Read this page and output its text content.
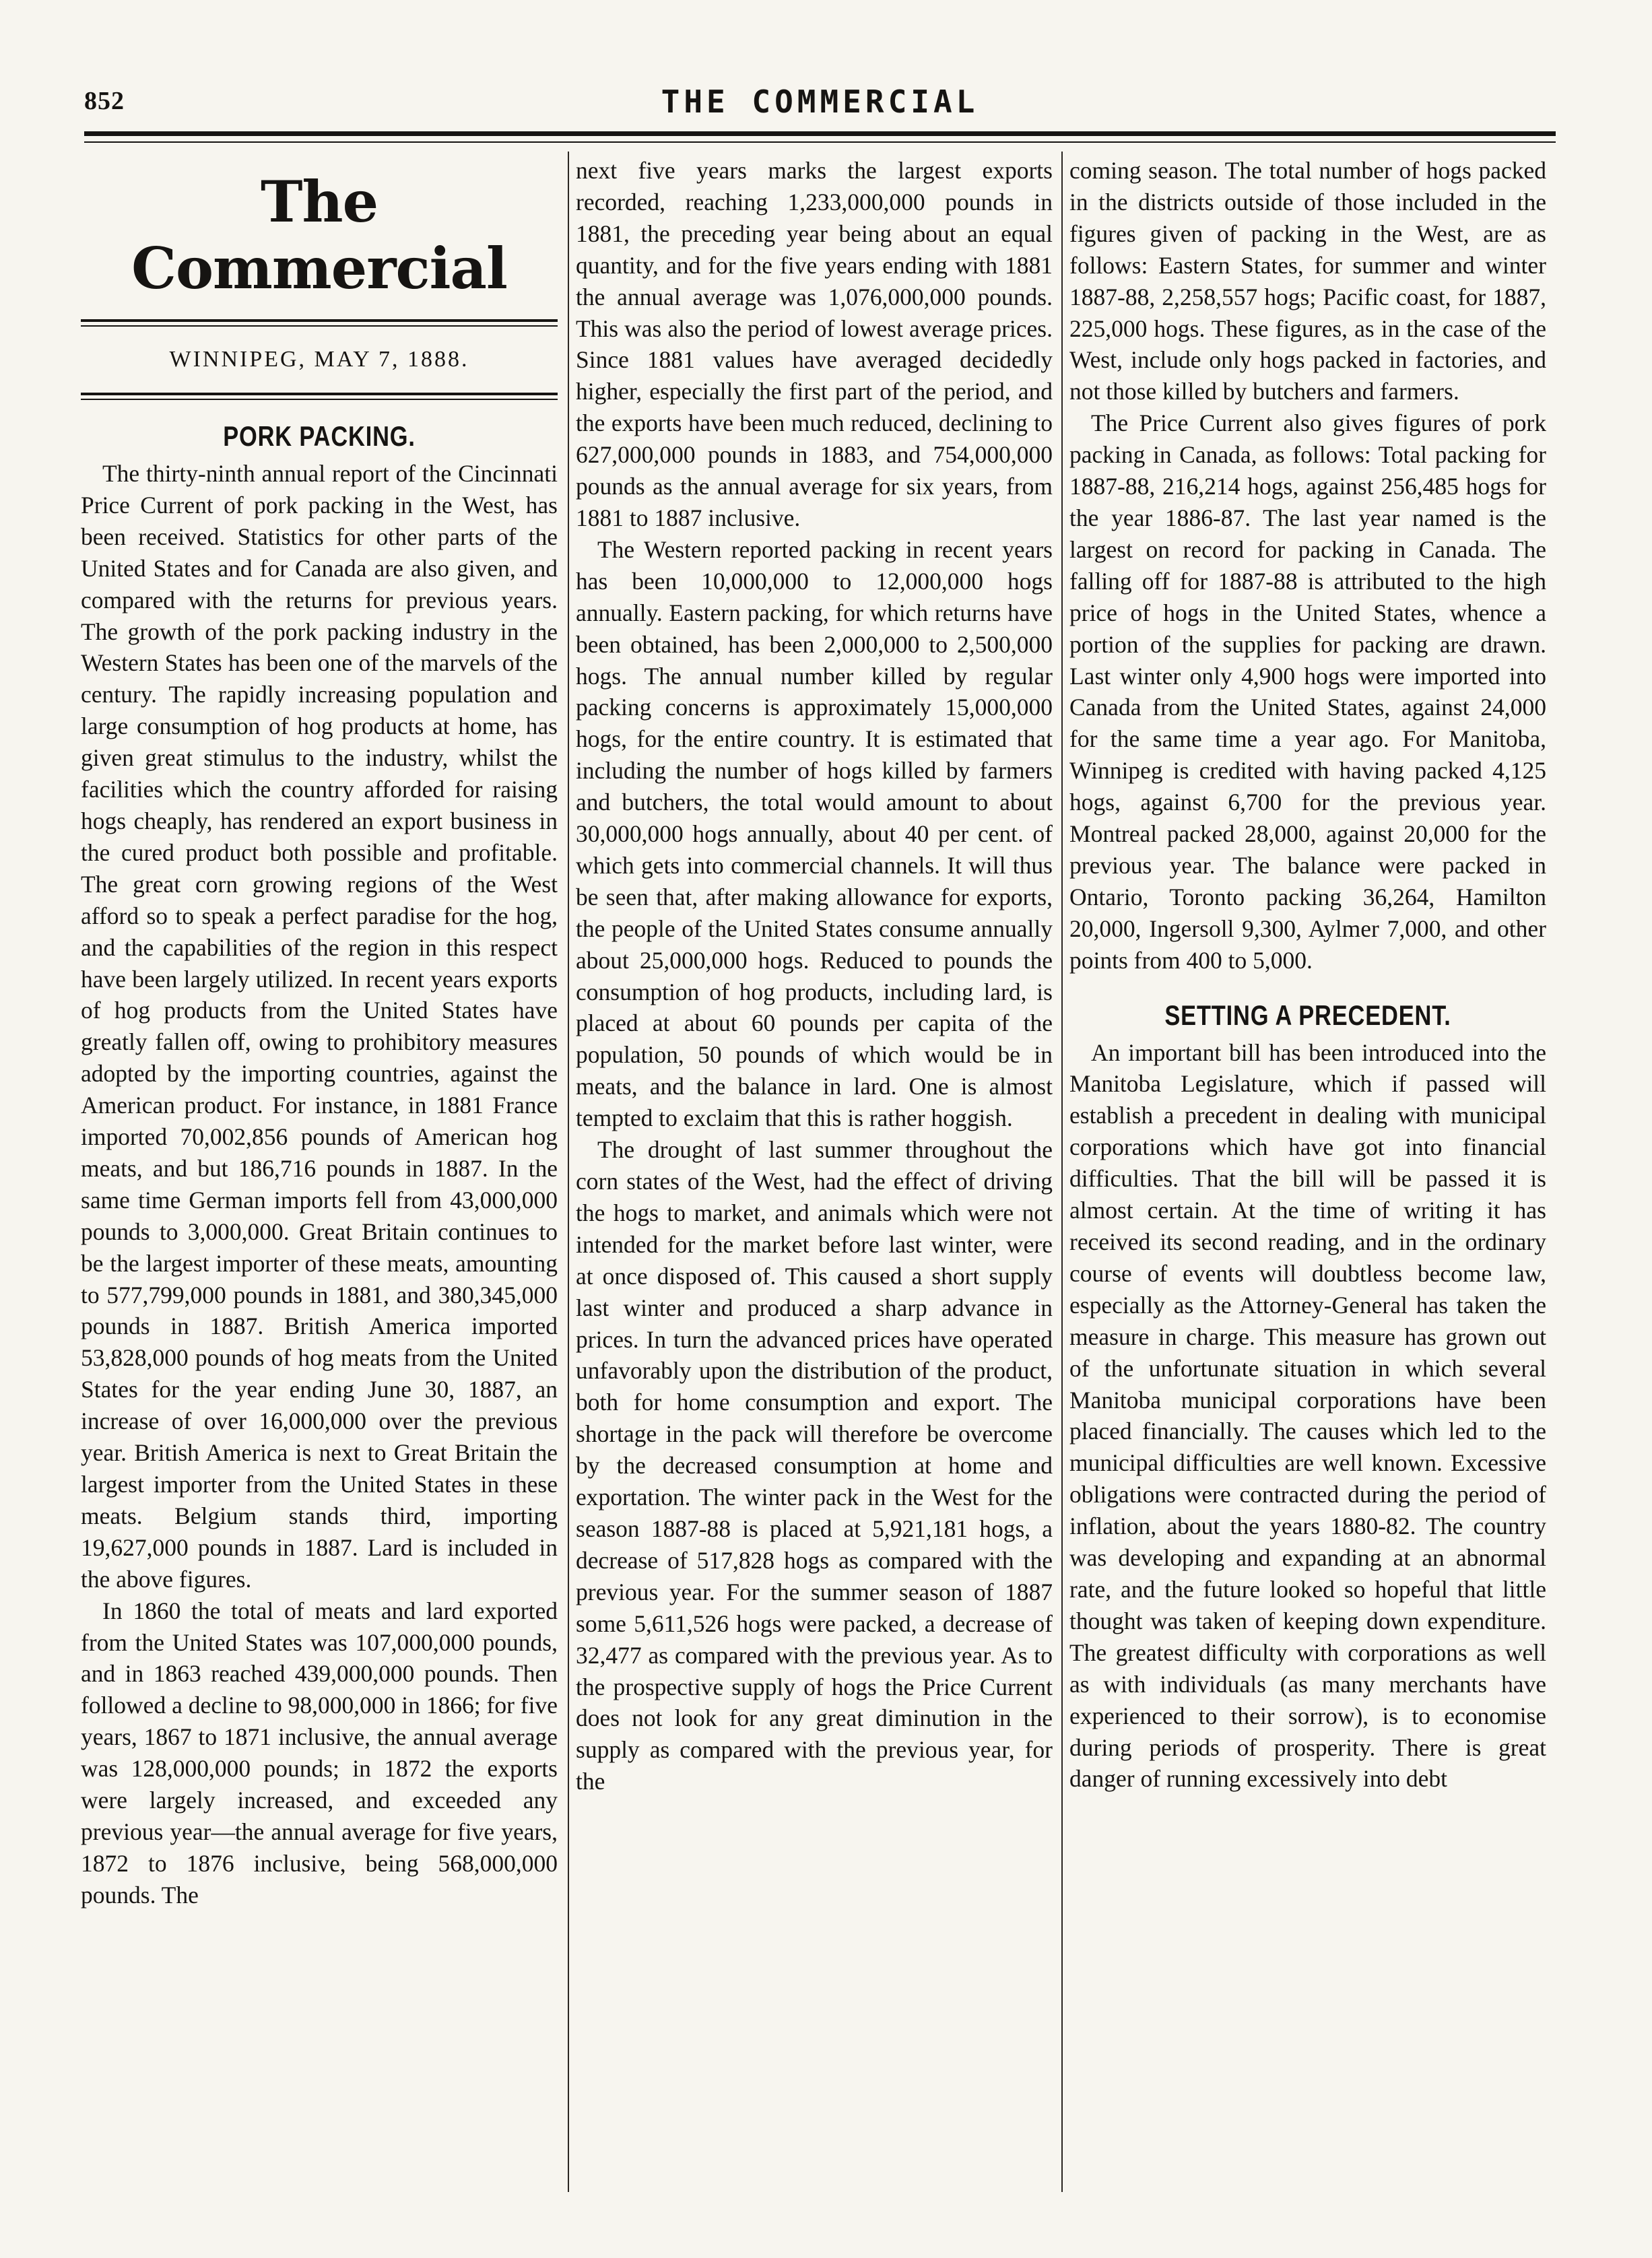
852	THE COMMERCIAL
The Commercial
WINNIPEG, MAY 7, 1888.
PORK PACKING.

The thirty-ninth annual report of the Cincinnati Price Current of pork packing in the West, has been received. Statistics for other parts of the United States and for Canada are also given, and compared with the returns for previous years. The growth of the pork packing industry in the Western States has been one of the marvels of the century. The rapidly increasing population and large consumption of hog products at home, has given great stimulus to the industry, whilst the facilities which the country afforded for raising hogs cheaply, has rendered an export business in the cured product both possible and profitable. The great corn growing regions of the West afford so to speak a perfect paradise for the hog, and the capabilities of the region in this respect have been largely utilized. In recent years exports of hog products from the United States have greatly fallen off, owing to prohibitory measures adopted by the importing countries, against the American product. For instance, in 1881 France imported 70,002,856 pounds of American hog meats, and but 186,716 pounds in 1887. In the same time German imports fell from 43,000,000 pounds to 3,000,000. Great Britain continues to be the largest importer of these meats, amounting to 577,799,000 pounds in 1881, and 380,345,000 pounds in 1887. British America imported 53,828,000 pounds of hog meats from the United States for the year ending June 30, 1887, an increase of over 16,000,000 over the previous year. British America is next to Great Britain the largest importer from the United States in these meats. Belgium stands third, importing 19,627,000 pounds in 1887. Lard is included in the above figures.

In 1860 the total of meats and lard exported from the United States was 107,000,000 pounds, and in 1863 reached 439,000,000 pounds. Then followed a decline to 98,000,000 in 1866; for five years, 1867 to 1871 inclusive, the annual average was 128,000,000 pounds; in 1872 the exports were largely increased, and exceeded any previous year—the annual average for five years, 1872 to 1876 inclusive, being 568,000,000 pounds. The

next five years marks the largest exports recorded, reaching 1,233,000,000 pounds in 1881, the preceding year being about an equal quantity, and for the five years ending with 1881 the annual average was 1,076,000,000 pounds. This was also the period of lowest average prices. Since 1881 values have averaged decidedly higher, especially the first part of the period, and the exports have been much reduced, declining to 627,000,000 pounds in 1883, and 754,000,000 pounds as the annual average for six years, from 1881 to 1887 inclusive.

The Western reported packing in recent years has been 10,000,000 to 12,000,000 hogs annually. Eastern packing, for which returns have been obtained, has been 2,000,000 to 2,500,000 hogs. The annual number killed by regular packing concerns is approximately 15,000,000 hogs, for the entire country. It is estimated that including the number of hogs killed by farmers and butchers, the total would amount to about 30,000,000 hogs annually, about 40 per cent. of which gets into commercial channels. It will thus be seen that, after making allowance for exports, the people of the United States consume annually about 25,000,000 hogs. Reduced to pounds the consumption of hog products, including lard, is placed at about 60 pounds per capita of the population, 50 pounds of which would be in meats, and the balance in lard. One is almost tempted to exclaim that this is rather hoggish.

The drought of last summer throughout the corn states of the West, had the effect of driving the hogs to market, and animals which were not intended for the market before last winter, were at once disposed of. This caused a short supply last winter and produced a sharp advance in prices. In turn the advanced prices have operated unfavorably upon the distribution of the product, both for home consumption and export. The shortage in the pack will therefore be overcome by the decreased consumption at home and exportation. The winter pack in the West for the season 1887-88 is placed at 5,921,181 hogs, a decrease of 517,828 hogs as compared with the previous year. For the summer season of 1887 some 5,611,526 hogs were packed, a decrease of 32,477 as compared with the previous year. As to the prospective supply of hogs the Price Current does not look for any great diminution in the supply as compared with the previous year, for the

coming season. The total number of hogs packed in the districts outside of those included in the figures given of packing in the West, are as follows: Eastern States, for summer and winter 1887-88, 2,258,557 hogs; Pacific coast, for 1887, 225,000 hogs. These figures, as in the case of the West, include only hogs packed in factories, and not those killed by butchers and farmers.

The Price Current also gives figures of pork packing in Canada, as follows: Total packing for 1887-88, 216,214 hogs, against 256,485 hogs for the year 1886-87. The last year named is the largest on record for packing in Canada. The falling off for 1887-88 is attributed to the high price of hogs in the United States, whence a portion of the supplies for packing are drawn. Last winter only 4,900 hogs were imported into Canada from the United States, against 24,000 for the same time a year ago. For Manitoba, Winnipeg is credited with having packed 4,125 hogs, against 6,700 for the previous year. Montreal packed 28,000, against 20,000 for the previous year. The balance were packed in Ontario, Toronto packing 36,264, Hamilton 20,000, Ingersoll 9,300, Aylmer 7,000, and other points from 400 to 5,000.

SETTING A PRECEDENT.

An important bill has been introduced into the Manitoba Legislature, which if passed will establish a precedent in dealing with municipal corporations which have got into financial difficulties. That the bill will be passed it is almost certain. At the time of writing it has received its second reading, and in the ordinary course of events will doubtless become law, especially as the Attorney-General has taken the measure in charge. This measure has grown out of the unfortunate situation in which several Manitoba municipal corporations have been placed financially. The causes which led to the municipal difficulties are well known. Excessive obligations were contracted during the period of inflation, about the years 1880-82. The country was developing and expanding at an abnormal rate, and the future looked so hopeful that little thought was taken of keeping down expenditure. The greatest difficulty with corporations as well as with individuals (as many merchants have experienced to their sorrow), is to economise during periods of prosperity. There is great danger of running excessively into debt
